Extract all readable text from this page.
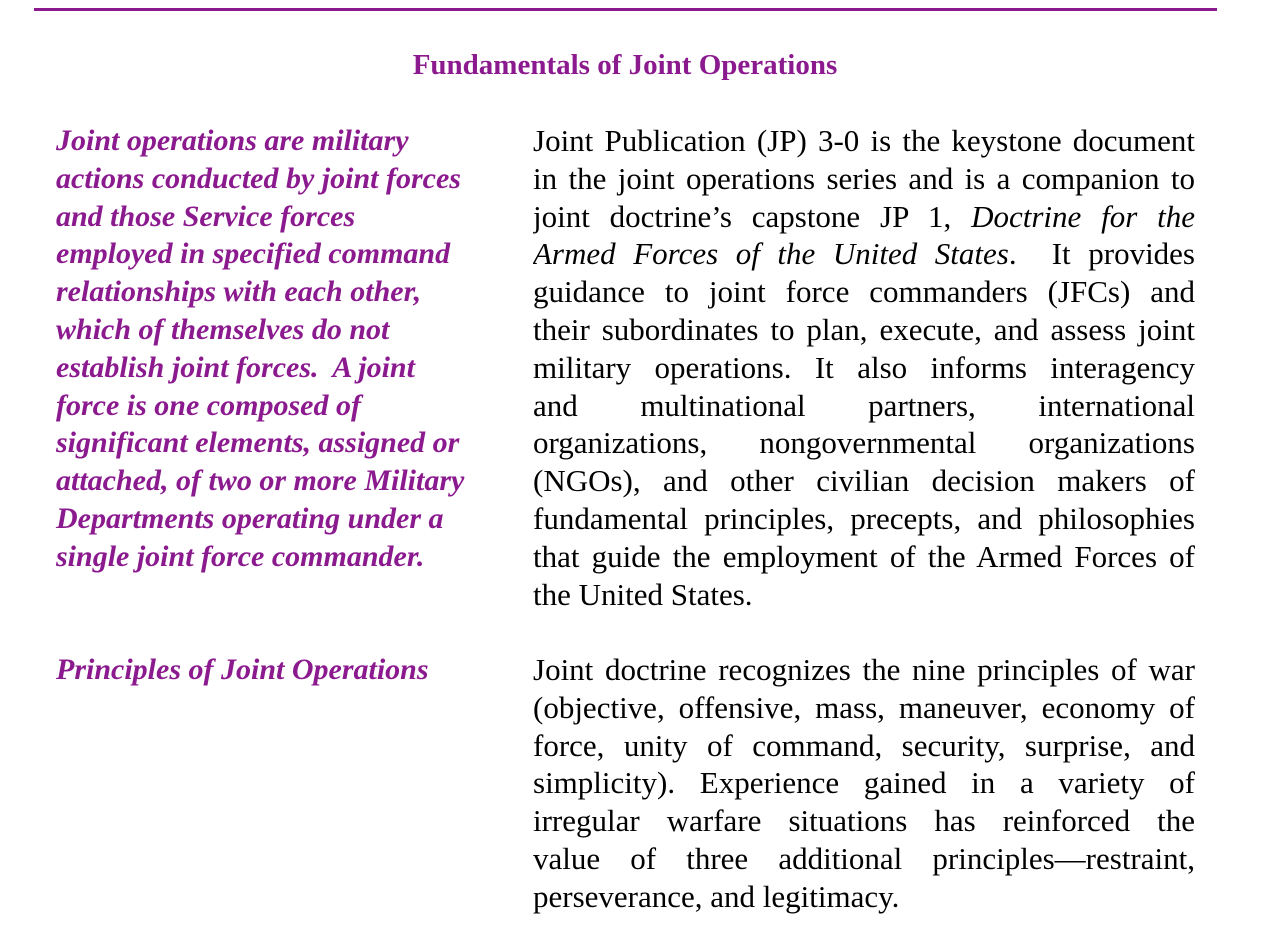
Fundamentals of Joint Operations
Joint operations are military
actions conducted by joint forces
and those Service forces
employed in specified command
relationships with each other,
which of themselves do not
establish joint forces.  A joint
force is one composed of
significant elements, assigned or
attached, of two or more Military
Departments operating under a
single joint force commander.
Joint Publication (JP) 3-0 is the keystone document
in the joint operations series and is a companion to
joint doctrine’s capstone JP 1, Doctrine for the
Armed Forces of the United States.  It provides
guidance to joint force commanders (JFCs) and
their subordinates to plan, execute, and assess joint
military operations. It also informs interagency
and multinational partners, international
organizations, nongovernmental organizations
(NGOs), and other civilian decision makers of
fundamental principles, precepts, and philosophies
that guide the employment of the Armed Forces of
the United States.
Principles of Joint Operations	Joint doctrine recognizes the nine principles of war
(objective, offensive, mass, maneuver, economy of
force, unity of command, security, surprise, and
simplicity). Experience gained in a variety of
irregular warfare situations has reinforced the
value of three additional principles—restraint,
perseverance, and legitimacy.
